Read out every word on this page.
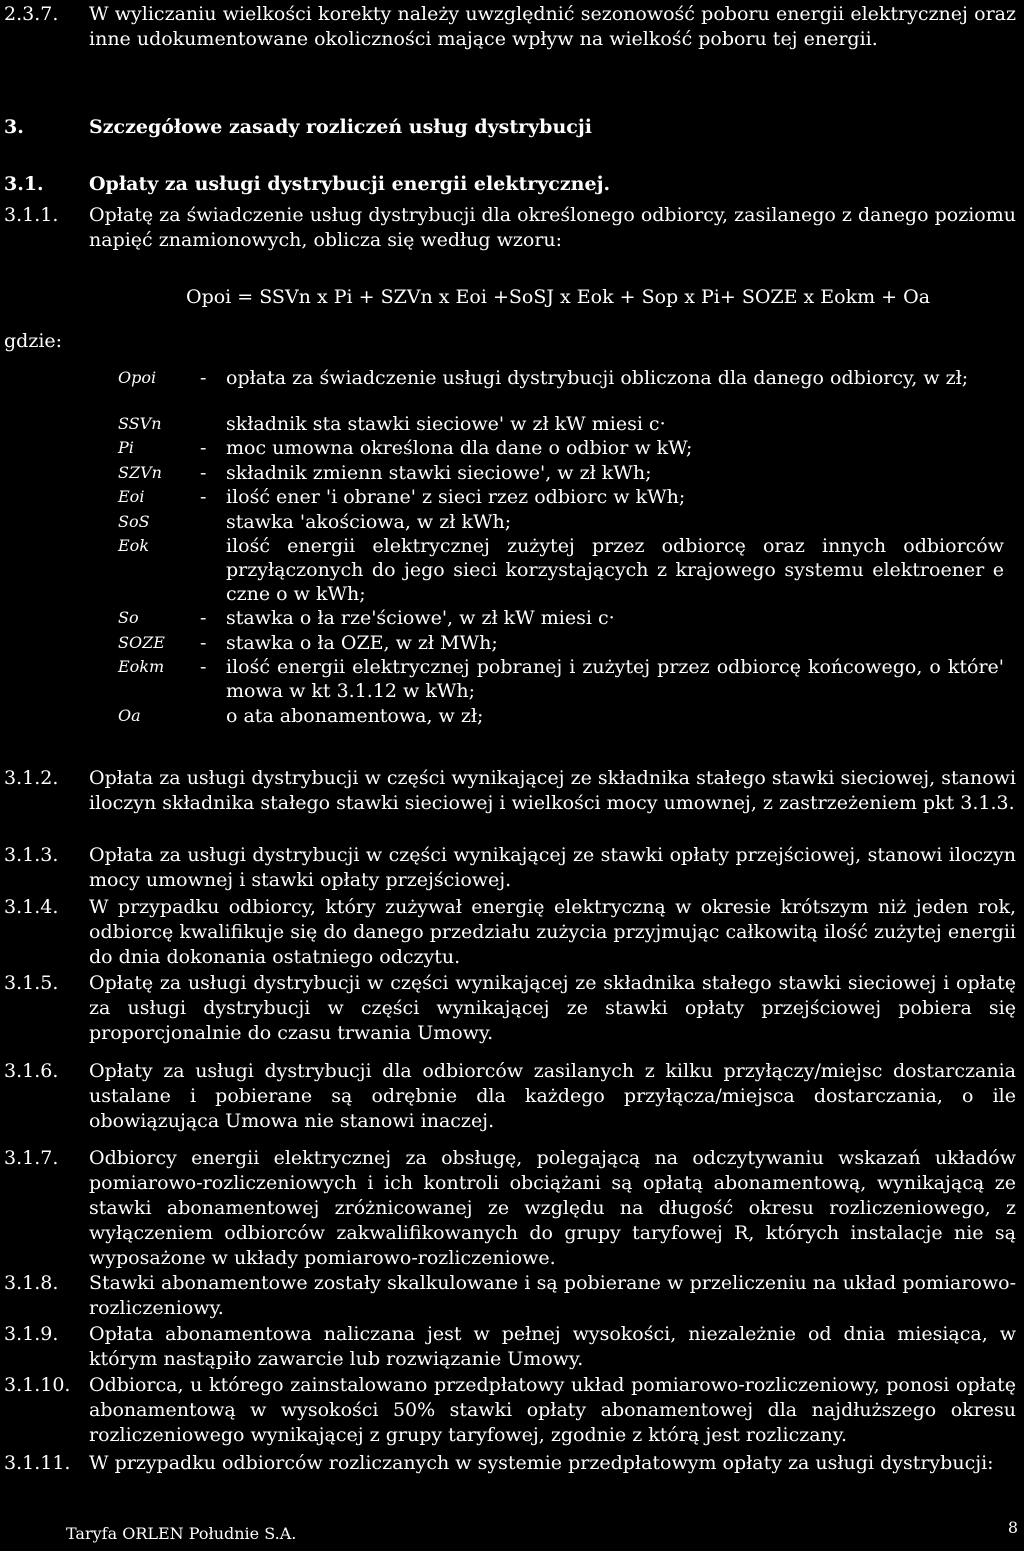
2.3.7. W wyliczaniu wielkości korekty należy uwzględnić sezonowość poboru energii elektrycznej oraz inne udokumentowane okoliczności mające wpływ na wielkość poboru tej energii.
3.	Szczegółowe zasady rozliczeń usług dystrybucji
3.1. Opłaty za usługi dystrybucji energii elektrycznej.
3.1.1. Opłatę za świadczenie usług dystrybucji dla określonego odbiorcy, zasilanego z danego poziomu napięć znamionowych, oblicza się według wzoru:
Opoi = SSVn x Pi + SZVn x Eoi +SoSJ x Eok + Sop x Pi+ SOZE x Eokm + Oa
gdzie:
Opoi - opłata za świadczenie usługi dystrybucji obliczona dla danego odbiorcy, w zł;
SSVn	składnik sta stawki sieciowe' w zł kW miesi c·
Pi	- moc umowna określona dla dane o odbior w kW;
SZVn - składnik zmienn stawki sieciowe', w zł kWh;
Eoi	- ilość ener 'i obrane' z sieci rzez odbiorc w kWh;
SoS	stawka 'akościowa, w zł kWh;
Eok	ilość energii elektrycznej zużytej przez odbiorcę oraz innych odbiorców przyłączonych do jego sieci korzystających z krajowego systemu elektroener e czne o w kWh;
So	- stawka o ła rze'ściowe', w zł kW miesi c·
SOZE - stawka o ła OZE, w zł MWh;
Eokm - ilość energii elektrycznej pobranej i zużytej przez odbiorcę końcowego, o które' mowa w kt 3.1.12 w kWh;
Oa	o ata abonamentowa, w zł;
3.1.2. Opłata za usługi dystrybucji w części wynikającej ze składnika stałego stawki sieciowej, stanowi iloczyn składnika stałego stawki sieciowej i wielkości mocy umownej, z zastrzeżeniem pkt 3.1.3.
3.1.3. Opłata za usługi dystrybucji w części wynikającej ze stawki opłaty przejściowej, stanowi iloczyn mocy umownej i stawki opłaty przejściowej.
3.1.4. W przypadku odbiorcy, który zużywał energię elektryczną w okresie krótszym niż jeden rok, odbiorcę kwalifikuje się do danego przedziału zużycia przyjmując całkowitą ilość zużytej energii do dnia dokonania ostatniego odczytu.
3.1.5. Opłatę za usługi dystrybucji w części wynikającej ze składnika stałego stawki sieciowej i opłatę za usługi dystrybucji w części wynikającej ze stawki opłaty przejściowej pobiera się proporcjonalnie do czasu trwania Umowy.
3.1.6. Opłaty za usługi dystrybucji dla odbiorców zasilanych z kilku przyłączy/miejsc dostarczania ustalane i pobierane są odrębnie dla każdego przyłącza/miejsca dostarczania, o ile obowiązująca Umowa nie stanowi inaczej.
3.1.7. Odbiorcy energii elektrycznej za obsługę, polegającą na odczytywaniu wskazań układów pomiarowo-rozliczeniowych i ich kontroli obciążani są opłatą abonamentową, wynikającą ze stawki abonamentowej zróżnicowanej ze względu na długość okresu rozliczeniowego, z wyłączeniem odbiorców zakwalifikowanych do grupy taryfowej R, których instalacje nie są wyposażone w układy pomiarowo-rozliczeniowe.
3.1.8. Stawki abonamentowe zostały skalkulowane i są pobierane w przeliczeniu na układ pomiarowo-rozliczeniowy.
3.1.9. Opłata abonamentowa naliczana jest w pełnej wysokości, niezależnie od dnia miesiąca, w którym nastąpiło zawarcie lub rozwiązanie Umowy.
3.1.10. Odbiorca, u którego zainstalowano przedpłatowy układ pomiarowo-rozliczeniowy, ponosi opłatę abonamentową w wysokości 50% stawki opłaty abonamentowej dla najdłuższego okresu rozliczeniowego wynikającej z grupy taryfowej, zgodnie z którą jest rozliczany.
3.1.11. W przypadku odbiorców rozliczanych w systemie przedpłatowym opłaty za usługi dystrybucji:
Taryfa ORLEN Południe S.A.	8
